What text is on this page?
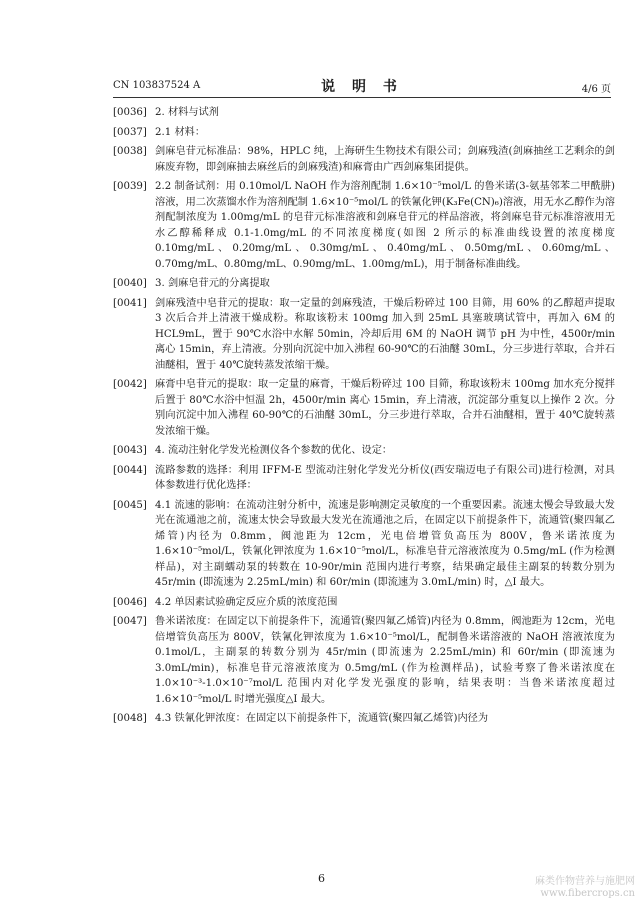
CN 103837524 A	说 明 书	4/6 页
[0036] 2. 材料与试剂
[0037] 2.1 材料：
[0038] 剑麻皂苷元标准品：98%，HPLC 纯，上海研生生物技术有限公司；剑麻残渣(剑麻抽丝工艺剩余的剑麻废弃物，即剑麻抽去麻丝后的剑麻残渣)和麻膏由广西剑麻集团提供。
[0039] 2.2 制备试剂：用 0.10mol/L NaOH 作为溶剂配制 1.6×10⁻⁵mol/L 的鲁米诺(3-氨基邻苯二甲酰肼)溶液，用二次蒸馏水作为溶剂配制 1.6×10⁻⁵mol/L 的铁氰化钾(K₃Fe(CN)₆)溶液，用无水乙醇作为溶剂配制浓度为 1.00mg/mL 的皂苷元标准溶液和剑麻皂苷元的样品溶液，将剑麻皂苷元标准溶液用无水乙醇稀释成 0.1-1.0mg/mL 的不同浓度梯度(如图 2 所示的标准曲线设置的浓度梯度 0.10mg/mL、0.20mg/mL、0.30mg/mL、0.40mg/mL、0.50mg/mL、0.60mg/mL、0.70mg/mL、0.80mg/mL、0.90mg/mL、1.00mg/mL)，用于制备标准曲线。
[0040] 3. 剑麻皂苷元的分离提取
[0041] 剑麻残渣中皂苷元的提取：取一定量的剑麻残渣，干燥后粉碎过 100 目筛，用 60% 的乙醇超声提取 3 次后合并上清液干燥成粉。称取该粉末 100mg 加入到 25mL 具塞玻璃试管中，再加入 6M 的 HCL9mL，置于 90℃水浴中水解 50min，冷却后用 6M 的 NaOH 调节 pH 为中性，4500r/min 离心 15min，弃上清液。分别向沉淀中加入沸程 60-90℃的石油醚 30mL，分三步进行萃取，合并石油醚相，置于 40℃旋转蒸发浓缩干燥。
[0042] 麻膏中皂苷元的提取：取一定量的麻膏，干燥后粉碎过 100 目筛，称取该粉末 100mg 加水充分搅拌后置于 80℃水浴中恒温 2h，4500r/min 离心 15min，弃上清液，沉淀部分重复以上操作 2 次。分别向沉淀中加入沸程 60-90℃的石油醚 30mL，分三步进行萃取，合并石油醚相，置于 40℃旋转蒸发浓缩干燥。
[0043] 4. 流动注射化学发光检测仪各个参数的优化、设定：
[0044] 流路参数的选择：利用 IFFM-E 型流动注射化学发光分析仪(西安瑞迈电子有限公司)进行检测，对具体参数进行优化选择：
[0045] 4.1 流速的影响：在流动注射分析中，流速是影响测定灵敏度的一个重要因素。流速太慢会导致最大发光在流通池之前，流速太快会导致最大发光在流通池之后，在固定以下前提条件下，流通管(聚四氟乙烯管)内径为 0.8mm，阀池距为 12cm，光电倍增管负高压为 800V，鲁米诺浓度为 1.6×10⁻⁵mol/L，铁氰化钾浓度为 1.6×10⁻⁵mol/L，标准皂苷元溶液浓度为 0.5mg/mL (作为检测样品)，对主副蠕动泵的转数在 10-90r/min 范围内进行考察，结果确定最佳主副泵的转数分别为 45r/min (即流速为 2.25mL/min) 和 60r/min (即流速为 3.0mL/min) 时，△I 最大。
[0046] 4.2 单因素试验确定反应介质的浓度范围
[0047] 鲁米诺浓度：在固定以下前提条件下，流通管(聚四氟乙烯管)内径为 0.8mm，阀池距为 12cm，光电倍增管负高压为 800V，铁氰化钾浓度为 1.6×10⁻⁵mol/L，配制鲁米诺溶液的 NaOH 溶液浓度为 0.1mol/L，主副泵的转数分别为 45r/min (即流速为 2.25mL/min) 和 60r/min (即流速为 3.0mL/min)，标准皂苷元溶液浓度为 0.5mg/mL (作为检测样品)，试验考察了鲁米诺浓度在 1.0×10⁻³-1.0×10⁻⁷mol/L 范围内对化学发光强度的影响，结果表明：当鲁米诺浓度超过 1.6×10⁻⁵mol/L 时增光强度△I 最大。
[0048] 4.3 铁氰化钾浓度：在固定以下前提条件下，流通管(聚四氟乙烯管)内径为
6	麻类作物营养与施肥网
www.fibercrops.cn
